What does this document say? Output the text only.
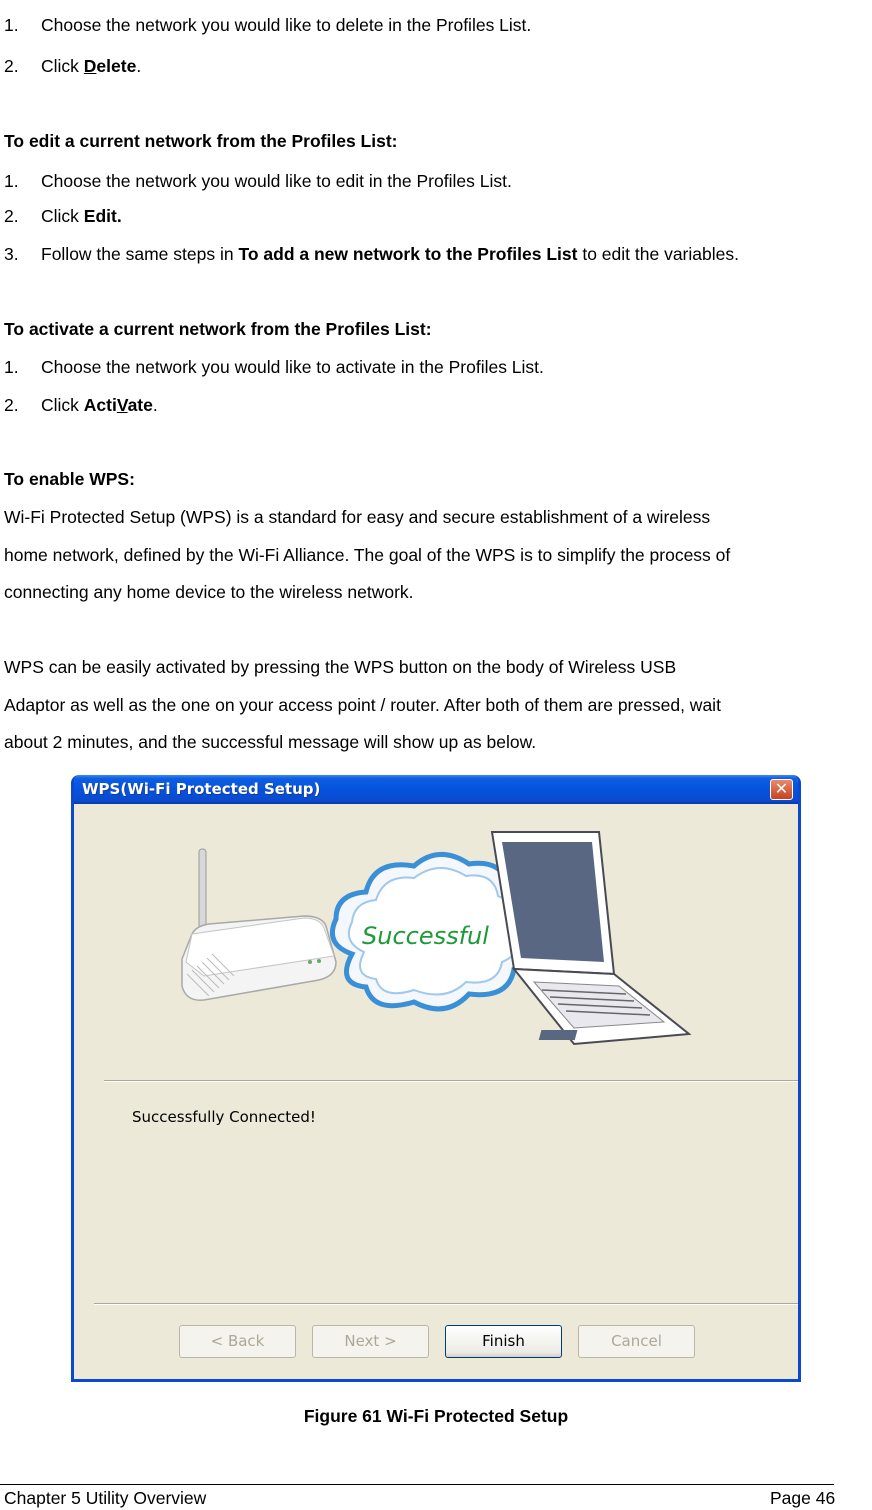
1. Choose the network you would like to delete in the Profiles List.
2. Click Delete.
To edit a current network from the Profiles List:
1. Choose the network you would like to edit in the Profiles List.
2. Click Edit.
3. Follow the same steps in To add a new network to the Profiles List to edit the variables.
To activate a current network from the Profiles List:
1. Choose the network you would like to activate in the Profiles List.
2. Click ActiVate.
To enable WPS:
Wi-Fi Protected Setup (WPS) is a standard for easy and secure establishment of a wireless
home network, defined by the Wi-Fi Alliance. The goal of the WPS is to simplify the process of
connecting any home device to the wireless network.
WPS can be easily activated by pressing the WPS button on the body of Wireless USB
Adaptor as well as the one on your access point / router. After both of them are pressed, wait
about 2 minutes, and the successful message will show up as below.
WPS(Wi-Fi Protected Setup)	✕
Successful
Successfully Connected!
< Back	Next >	Finish	Cancel
Figure 61 Wi-Fi Protected Setup
Chapter 5 Utility Overview	Page 46
